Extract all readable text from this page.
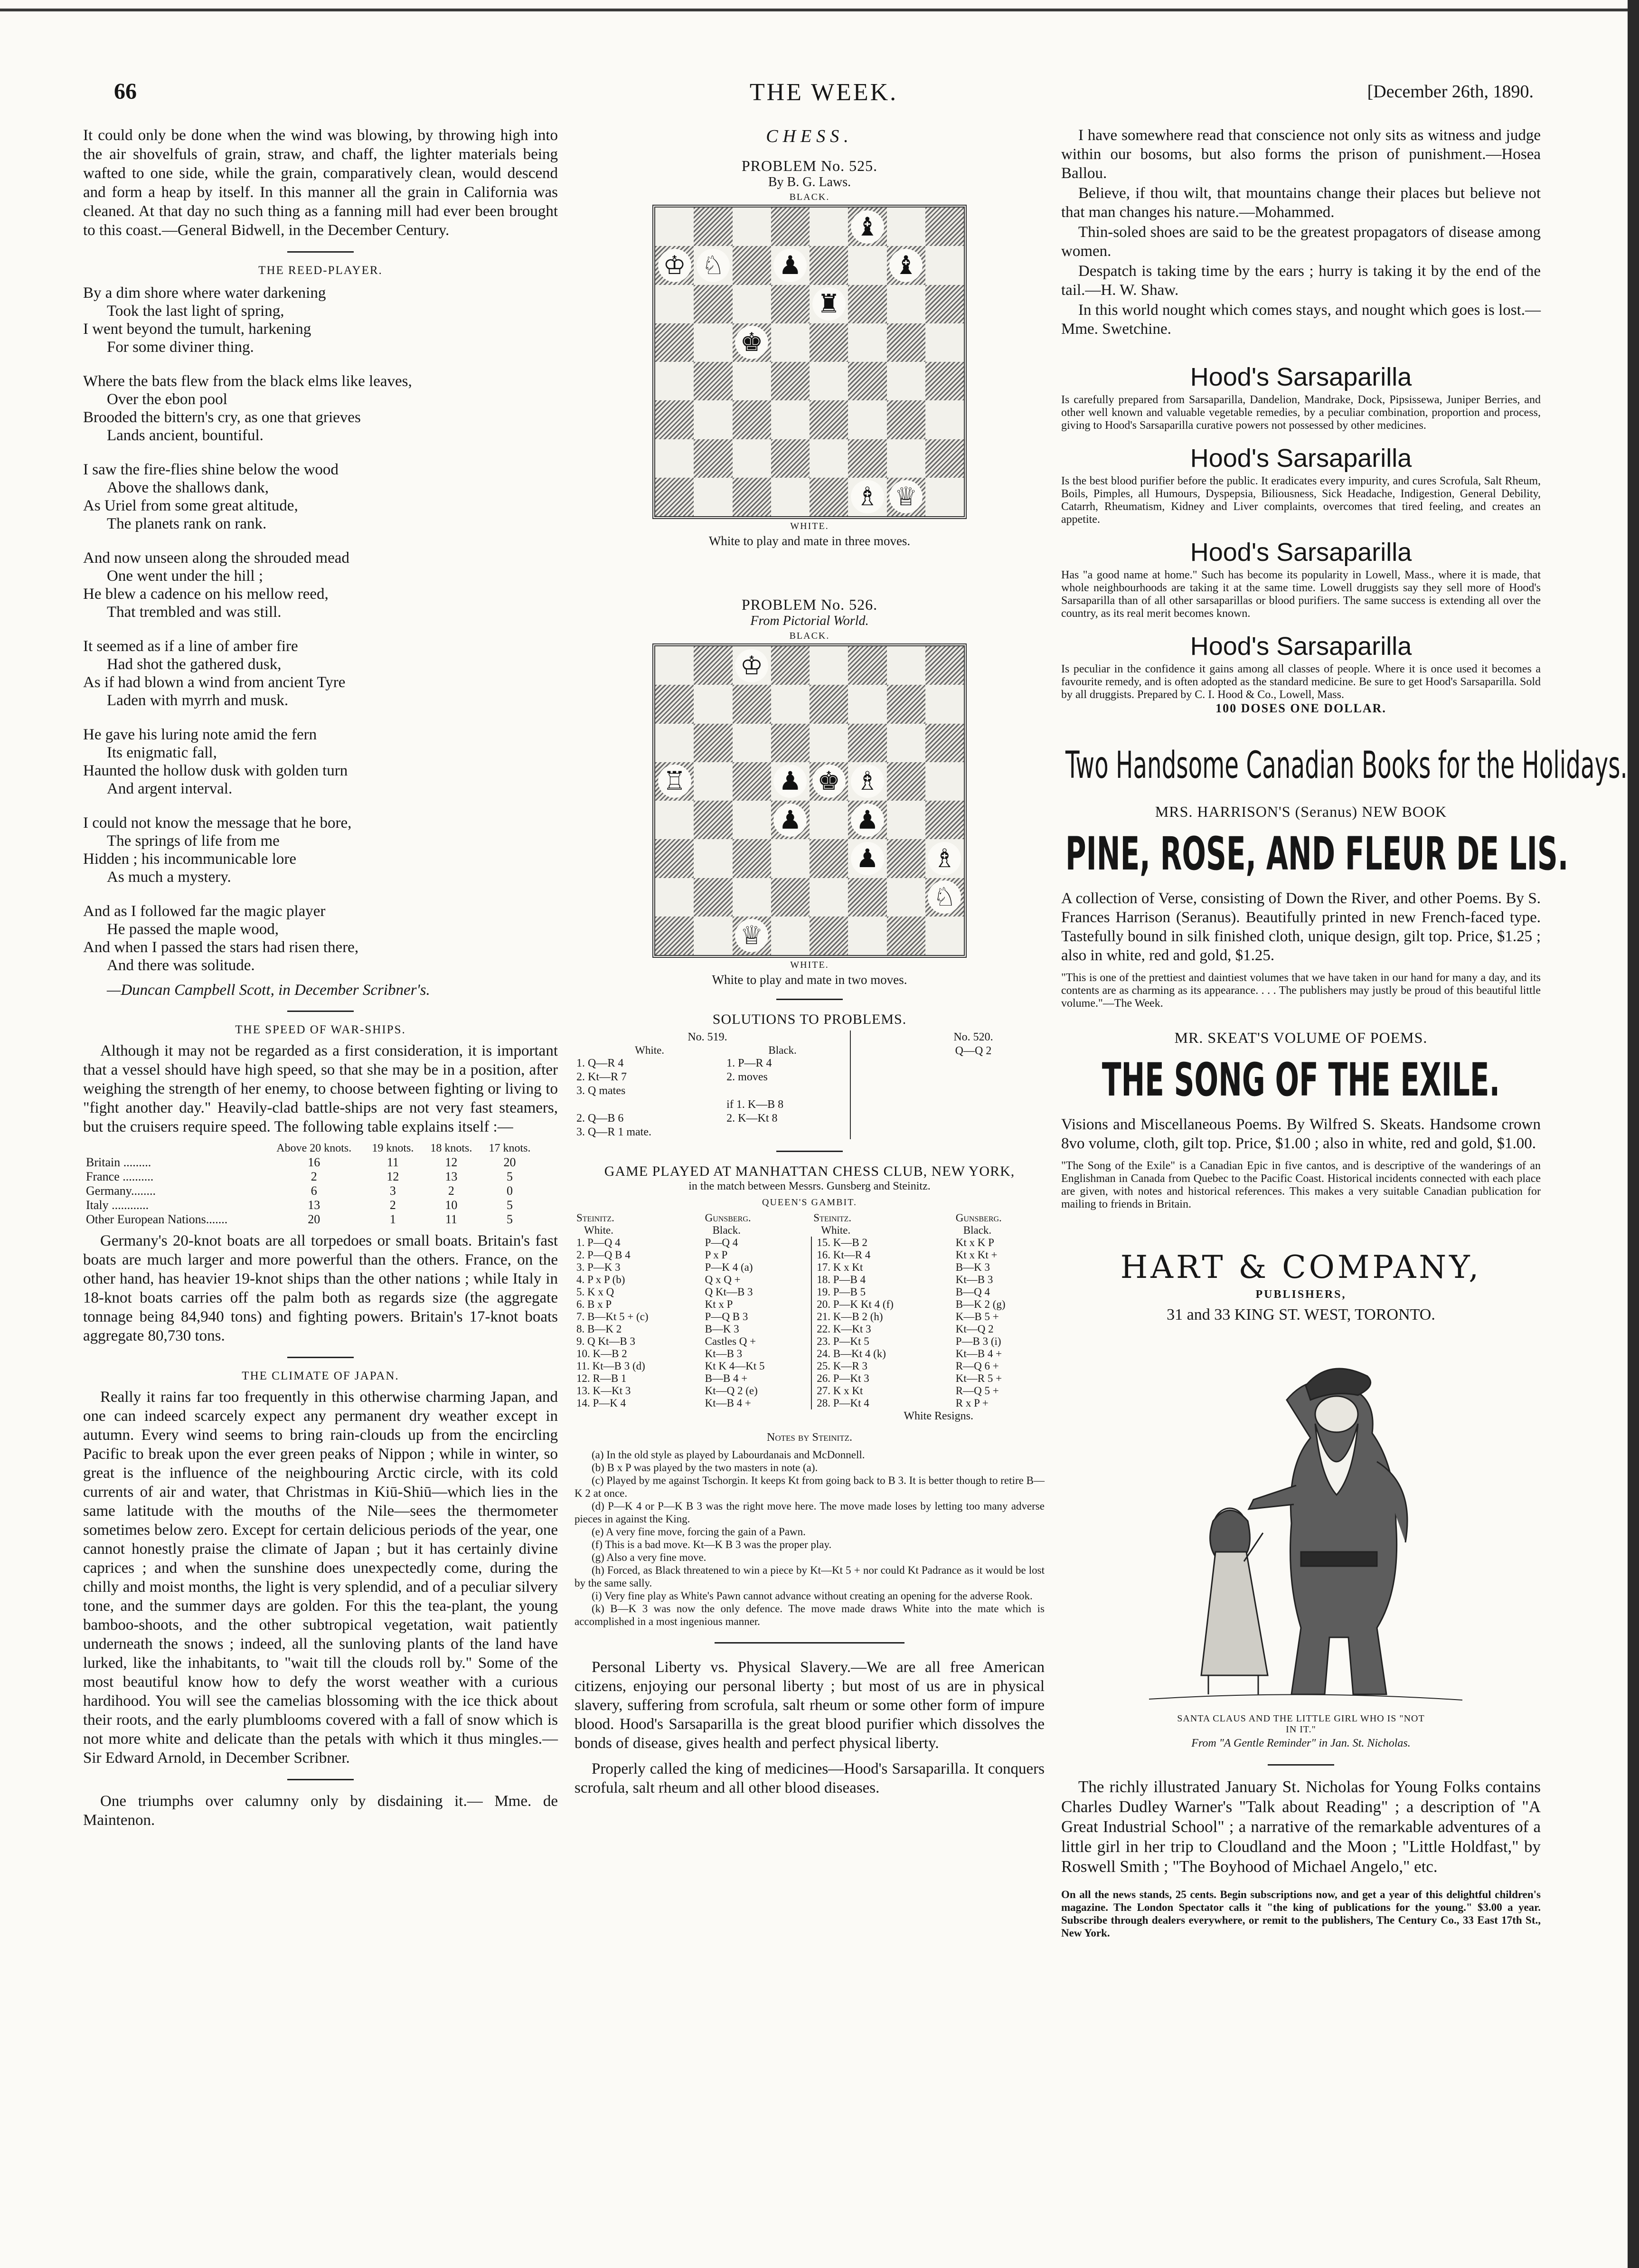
THE WEEK.
66	[December 26th, 1890.

It could only be done when the wind was blowing, by throwing high into the air shovelfuls of grain, straw, and chaff, the lighter materials being wafted to one side, while the grain, comparatively clean, would descend and form a heap by itself. In this manner all the grain in California was cleaned. At that day no such thing as a fanning mill had ever been brought to this coast.—General Bidwell, in the December Century.

THE REED-PLAYER.

By a dim shore where water darkening
Took the last light of spring,
I went beyond the tumult, harkening
For some diviner thing.
Where the bats flew from the black elms like leaves,
Over the ebon pool
Brooded the bittern's cry, as one that grieves
Lands ancient, bountiful.
I saw the fire-flies shine below the wood
Above the shallows dank,
As Uriel from some great altitude,
The planets rank on rank.
And now unseen along the shrouded mead
One went under the hill ;
He blew a cadence on his mellow reed,
That trembled and was still.
It seemed as if a line of amber fire
Had shot the gathered dusk,
As if had blown a wind from ancient Tyre
Laden with myrrh and musk.
He gave his luring note amid the fern
Its enigmatic fall,
Haunted the hollow dusk with golden turn
And argent interval.
I could not know the message that he bore,
The springs of life from me
Hidden ; his incommunicable lore
As much a mystery.
And as I followed far the magic player
He passed the maple wood,
And when I passed the stars had risen there,
And there was solitude.

—Duncan Campbell Scott, in December Scribner's.

THE SPEED OF WAR-SHIPS.

Although it may not be regarded as a first consideration, it is important that a vessel should have high speed, so that she may be in a position, after weighing the strength of her enemy, to choose between fighting or living to "fight another day." Heavily-clad battle-ships are not very fast steamers, but the cruisers require speed. The following table explains itself :—

	Above 20 knots.	19 knots.	18 knots.	17 knots.
Britain .........	16	11	12	20
France ..........	2	12	13	5
Germany........	6	3	2	0
Italy ............	13	2	10	5
Other European Nations.......	20	1	11	5

Germany's 20-knot boats are all torpedoes or small boats. Britain's fast boats are much larger and more powerful than the others. France, on the other hand, has heavier 19-knot ships than the other nations ; while Italy in 18-knot boats carries off the palm both as regards size (the aggregate tonnage being 84,940 tons) and fighting powers. Britain's 17-knot boats aggregate 80,730 tons.

THE CLIMATE OF JAPAN.

Really it rains far too frequently in this otherwise charming Japan, and one can indeed scarcely expect any permanent dry weather except in autumn. Every wind seems to bring rain-clouds up from the encircling Pacific to break upon the ever green peaks of Nippon ; while in winter, so great is the influence of the neighbouring Arctic circle, with its cold currents of air and water, that Christmas in Kiū-Shiū—which lies in the same latitude with the mouths of the Nile—sees the thermometer sometimes below zero. Except for certain delicious periods of the year, one cannot honestly praise the climate of Japan ; but it has certainly divine caprices ; and when the sunshine does unexpectedly come, during the chilly and moist months, the light is very splendid, and of a peculiar silvery tone, and the summer days are golden. For this the tea-plant, the young bamboo-shoots, and the other subtropical vegetation, wait patiently underneath the snows ; indeed, all the sunloving plants of the land have lurked, like the inhabitants, to "wait till the clouds roll by." Some of the most beautiful know how to defy the worst weather with a curious hardihood. You will see the camelias blossoming with the ice thick about their roots, and the early plumblooms covered with a fall of snow which is not more white and delicate than the petals with which it thus mingles.—Sir Edward Arnold, in December Scribner.

One triumphs over calumny only by disdaining it.— Mme. de Maintenon.

CHESS.

PROBLEM No. 525.

By B. G. Laws.

BLACK.

♝
♔ ♘ ♟	♝
♜
♚
♗ ♕

WHITE.

White to play and mate in three moves.

PROBLEM No. 526.

From Pictorial World.

BLACK.

♔
♖	♟ ♚ ♗
♟ ♟
♟ ♗
♘
♕

WHITE.

White to play and mate in two moves.

SOLUTIONS TO PROBLEMS.

No. 519.

White.	Black.
1. Q—R 4	1. P—R 4
2. Kt—R 7	2. moves
3. Q mates	
	if 1. K—B 8
2. Q—B 6	2. K—Kt 8
3. Q—R 1 mate.	

No. 520.

Q—Q 2

GAME PLAYED AT MANHATTAN CHESS CLUB, NEW YORK,

in the match between Messrs. Gunsberg and Steinitz.

QUEEN'S GAMBIT.

Steinitz.	Gunsberg.	Steinitz.	Gunsberg.
White.	Black.	White.	Black.
1. P—Q 4	P—Q 4	15. K—B 2	Kt x K P
2. P—Q B 4	P x P	16. Kt—R 4	Kt x Kt +
3. P—K 3	P—K 4 (a)	17. K x Kt	B—K 3
4. P x P (b)	Q x Q +	18. P—B 4	Kt—B 3
5. K x Q	Q Kt—B 3	19. P—B 5	B—Q 4
6. B x P	Kt x P	20. P—K Kt 4 (f)	B—K 2 (g)
7. B—Kt 5 + (c)	P—Q B 3	21. K—B 2 (h)	K—B 5 +
8. B—K 2	B—K 3	22. K—Kt 3	Kt—Q 2
9. Q Kt—B 3	Castles Q +	23. P—Kt 5	P—B 3 (i)
10. K—B 2	Kt—B 3	24. B—Kt 4 (k)	Kt—B 4 +
11. Kt—B 3 (d)	Kt K 4—Kt 5	25. K—R 3	R—Q 6 +
12. R—B 1	B—B 4 +	26. P—Kt 3	Kt—R 5 +
13. K—Kt 3	Kt—Q 2 (e)	27. K x Kt	R—Q 5 +
14. P—K 4	Kt—B 4 +	28. P—Kt 4	R x P +

White Resigns.

Notes by Steinitz.

(a) In the old style as played by Labourdanais and McDonnell.

(b) B x P was played by the two masters in note (a).

(c) Played by me against Tschorgin. It keeps Kt from going back to B 3. It is better though to retire B—K 2 at once.

(d) P—K 4 or P—K B 3 was the right move here. The move made loses by letting too many adverse pieces in against the King.

(e) A very fine move, forcing the gain of a Pawn.

(f) This is a bad move. Kt—K B 3 was the proper play.

(g) Also a very fine move.

(h) Forced, as Black threatened to win a piece by Kt—Kt 5 + nor could Kt Padrance as it would be lost by the same sally.

(i) Very fine play as White's Pawn cannot advance without creating an opening for the adverse Rook.

(k) B—K 3 was now the only defence. The move made draws White into the mate which is accomplished in a most ingenious manner.

Personal Liberty vs. Physical Slavery.—We are all free American citizens, enjoying our personal liberty ; but most of us are in physical slavery, suffering from scrofula, salt rheum or some other form of impure blood. Hood's Sarsaparilla is the great blood purifier which dissolves the bonds of disease, gives health and perfect physical liberty.

Properly called the king of medicines—Hood's Sarsaparilla. It conquers scrofula, salt rheum and all other blood diseases.

I have somewhere read that conscience not only sits as witness and judge within our bosoms, but also forms the prison of punishment.—Hosea Ballou.

Believe, if thou wilt, that mountains change their places but believe not that man changes his nature.—Mohammed.

Thin-soled shoes are said to be the greatest propagators of disease among women.

Despatch is taking time by the ears ; hurry is taking it by the end of the tail.—H. W. Shaw.

In this world nought which comes stays, and nought which goes is lost.—Mme. Swetchine.

Hood's Sarsaparilla

Is carefully prepared from Sarsaparilla, Dandelion, Mandrake, Dock, Pipsissewa, Juniper Berries, and other well known and valuable vegetable remedies, by a peculiar combination, proportion and process, giving to Hood's Sarsaparilla curative powers not possessed by other medicines.

Hood's Sarsaparilla

Is the best blood purifier before the public. It eradicates every impurity, and cures Scrofula, Salt Rheum, Boils, Pimples, all Humours, Dyspepsia, Biliousness, Sick Headache, Indigestion, General Debility, Catarrh, Rheumatism, Kidney and Liver complaints, overcomes that tired feeling, and creates an appetite.

Hood's Sarsaparilla

Has "a good name at home." Such has become its popularity in Lowell, Mass., where it is made, that whole neighbourhoods are taking it at the same time. Lowell druggists say they sell more of Hood's Sarsaparilla than of all other sarsaparillas or blood purifiers. The same success is extending all over the country, as its real merit becomes known.

Hood's Sarsaparilla

Is peculiar in the confidence it gains among all classes of people. Where it is once used it becomes a favourite remedy, and is often adopted as the standard medicine. Be sure to get Hood's Sarsaparilla. Sold by all druggists. Prepared by C. I. Hood & Co., Lowell, Mass.

100 DOSES ONE DOLLAR.

Two Handsome Canadian Books for the Holidays.

MRS. HARRISON'S (Seranus) NEW BOOK

PINE, ROSE, AND FLEUR DE LIS.

A collection of Verse, consisting of Down the River, and other Poems. By S. Frances Harrison (Seranus). Beautifully printed in new French-faced type. Tastefully bound in silk finished cloth, unique design, gilt top. Price, $1.25 ; also in white, red and gold, $1.25.

"This is one of the prettiest and daintiest volumes that we have taken in our hand for many a day, and its contents are as charming as its appearance. . . . The publishers may justly be proud of this beautiful little volume."—The Week.

MR. SKEAT'S VOLUME OF POEMS.

THE SONG OF THE EXILE.

Visions and Miscellaneous Poems. By Wilfred S. Skeats. Handsome crown 8vo volume, cloth, gilt top. Price, $1.00 ; also in white, red and gold, $1.00.

"The Song of the Exile" is a Canadian Epic in five cantos, and is descriptive of the wanderings of an Englishman in Canada from Quebec to the Pacific Coast. Historical incidents connected with each place are given, with notes and historical references. This makes a very suitable Canadian publication for mailing to friends in Britain.

HART & COMPANY,

PUBLISHERS,

31 and 33 KING ST. WEST, TORONTO.

SANTA CLAUS AND THE LITTLE GIRL WHO IS "NOT IN IT."

From "A Gentle Reminder" in Jan. St. Nicholas.

The richly illustrated January St. Nicholas for Young Folks contains Charles Dudley Warner's "Talk about Reading" ; a description of "A Great Industrial School" ; a narrative of the remarkable adventures of a little girl in her trip to Cloudland and the Moon ; "Little Holdfast," by Roswell Smith ; "The Boyhood of Michael Angelo," etc.

On all the news stands, 25 cents. Begin subscriptions now, and get a year of this delightful children's magazine. The London Spectator calls it "the king of publications for the young." $3.00 a year. Subscribe through dealers everywhere, or remit to the publishers, The Century Co., 33 East 17th St., New York.
